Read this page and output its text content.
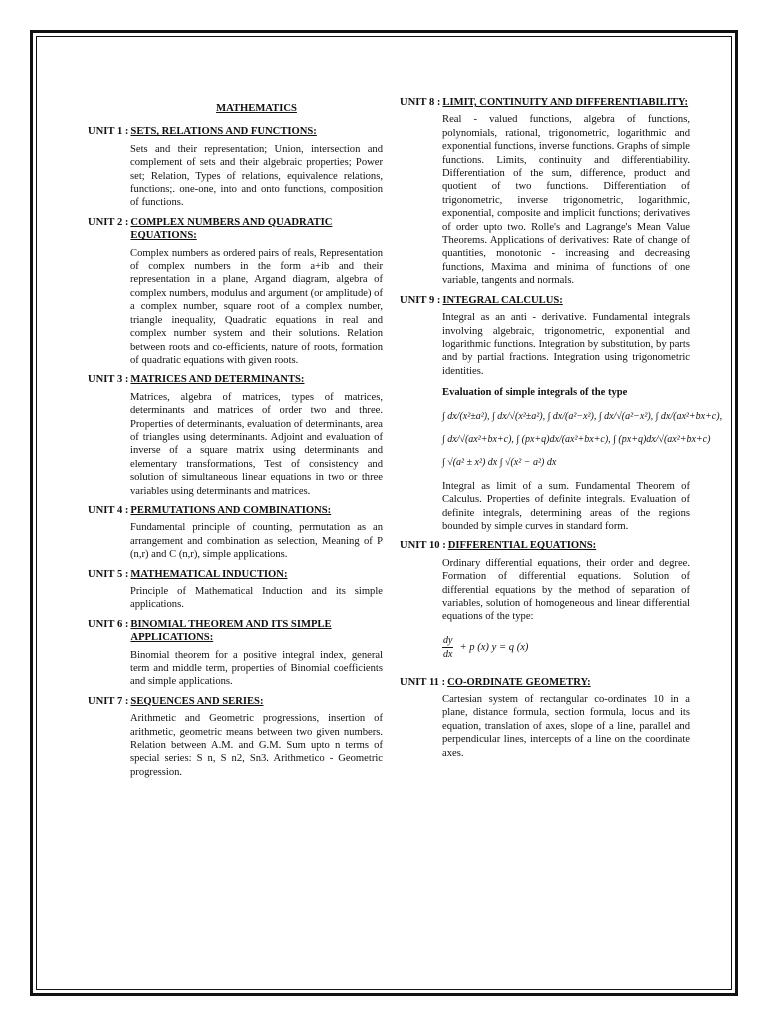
MATHEMATICS
UNIT 1 : SETS, RELATIONS AND FUNCTIONS:

Sets and their representation; Union, intersection and complement of sets and their algebraic properties; Power set; Relation, Types of relations, equivalence relations, functions;. one-one, into and onto functions, composition of functions.

UNIT 2 : COMPLEX NUMBERS AND QUADRATIC EQUATIONS:

Complex numbers as ordered pairs of reals, Representation of complex numbers in the form a+ib and their representation in a plane, Argand diagram, algebra of complex numbers, modulus and argument (or amplitude) of a complex number, square root of a complex number, triangle inequality, Quadratic equations in real and complex number system and their solutions. Relation between roots and co-efficients, nature of roots, formation of quadratic equations with given roots.

UNIT 3 : MATRICES AND DETERMINANTS:

Matrices, algebra of matrices, types of matrices, determinants and matrices of order two and three. Properties of determinants, evaluation of determinants, area of triangles using determinants. Adjoint and evaluation of inverse of a square matrix using determinants and elementary transformations, Test of consistency and solution of simultaneous linear equations in two or three variables using determinants and matrices.

UNIT 4 : PERMUTATIONS AND COMBINATIONS:

Fundamental principle of counting, permutation as an arrangement and combination as selection, Meaning of P (n,r) and C (n,r), simple applications.

UNIT 5 : MATHEMATICAL INDUCTION:

Principle of Mathematical Induction and its simple applications.

UNIT 6 : BINOMIAL THEOREM AND ITS SIMPLE APPLICATIONS:

Binomial theorem for a positive integral index, general term and middle term, properties of Binomial coefficients and simple applications.

UNIT 7 : SEQUENCES AND SERIES:

Arithmetic and Geometric progressions, insertion of arithmetic, geometric means between two given numbers. Relation between A.M. and G.M. Sum upto n terms of special series: S n, S n2, Sn3. Arithmetico - Geometric progression.

UNIT 8 : LIMIT, CONTINUITY AND DIFFERENTIABILITY:

Real - valued functions, algebra of functions, polynomials, rational, trigonometric, logarithmic and exponential functions, inverse functions. Graphs of simple functions. Limits, continuity and differentiability. Differentiation of the sum, difference, product and quotient of two functions. Differentiation of trigonometric, inverse trigonometric, logarithmic, exponential, composite and implicit functions; derivatives of order upto two. Rolle's and Lagrange's Mean Value Theorems. Applications of derivatives: Rate of change of quantities, monotonic - increasing and decreasing functions, Maxima and minima of functions of one variable, tangents and normals.

UNIT 9 : INTEGRAL CALCULUS:

Integral as an anti - derivative. Fundamental integrals involving algebraic, trigonometric, exponential and logarithmic functions. Integration by substitution, by parts and by partial fractions. Integration using trigonometric identities.

Evaluation of simple integrals of the type
∫ dx/(x²±a²), ∫ dx/√(x²±a²), ∫ dx/(a²−x²), ∫ dx/√(a²−x²), ∫ dx/(ax²+bx+c),
∫ dx/√(ax²+bx+c), ∫ (px+q)dx/(ax²+bx+c), ∫ (px+q)dx/√(ax²+bx+c)
∫ √(a² ± x²) dx ∫ √(x² − a²) dx

Integral as limit of a sum. Fundamental Theorem of Calculus. Properties of definite integrals. Evaluation of definite integrals, determining areas of the regions bounded by simple curves in standard form.

UNIT 10 : DIFFERENTIAL EQUATIONS:

Ordinary differential equations, their order and degree. Formation of differential equations. Solution of differential equations by the method of separation of variables, solution of homogeneous and linear differential equations of the type:

$\frac{dy}{dx} + p$ (x) y = q (x)
UNIT 11 : CO-ORDINATE GEOMETRY:

Cartesian system of rectangular co-ordinates 10 in a plane, distance formula, section formula, locus and its equation, translation of axes, slope of a line, parallel and perpendicular lines, intercepts of a line on the coordinate axes.
